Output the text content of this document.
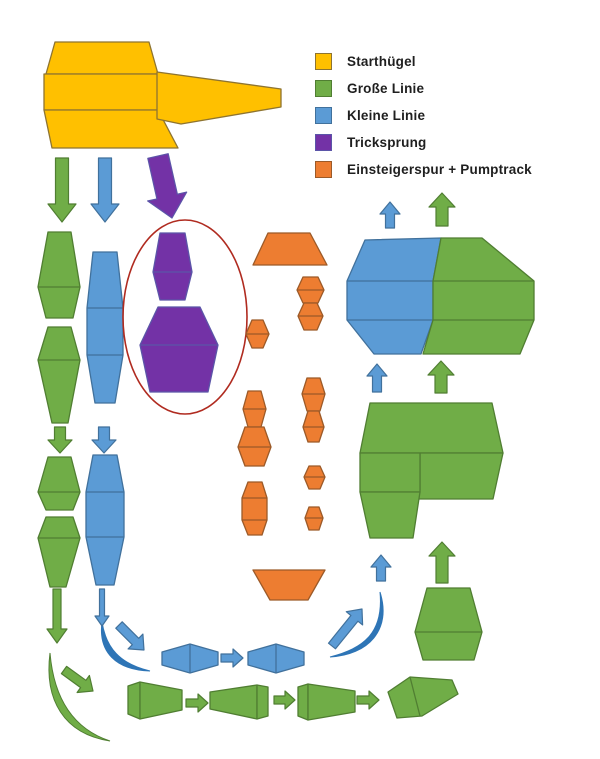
Starthügel
Große Linie
Kleine Linie
Tricksprung
Einsteigerspur + Pumptrack
